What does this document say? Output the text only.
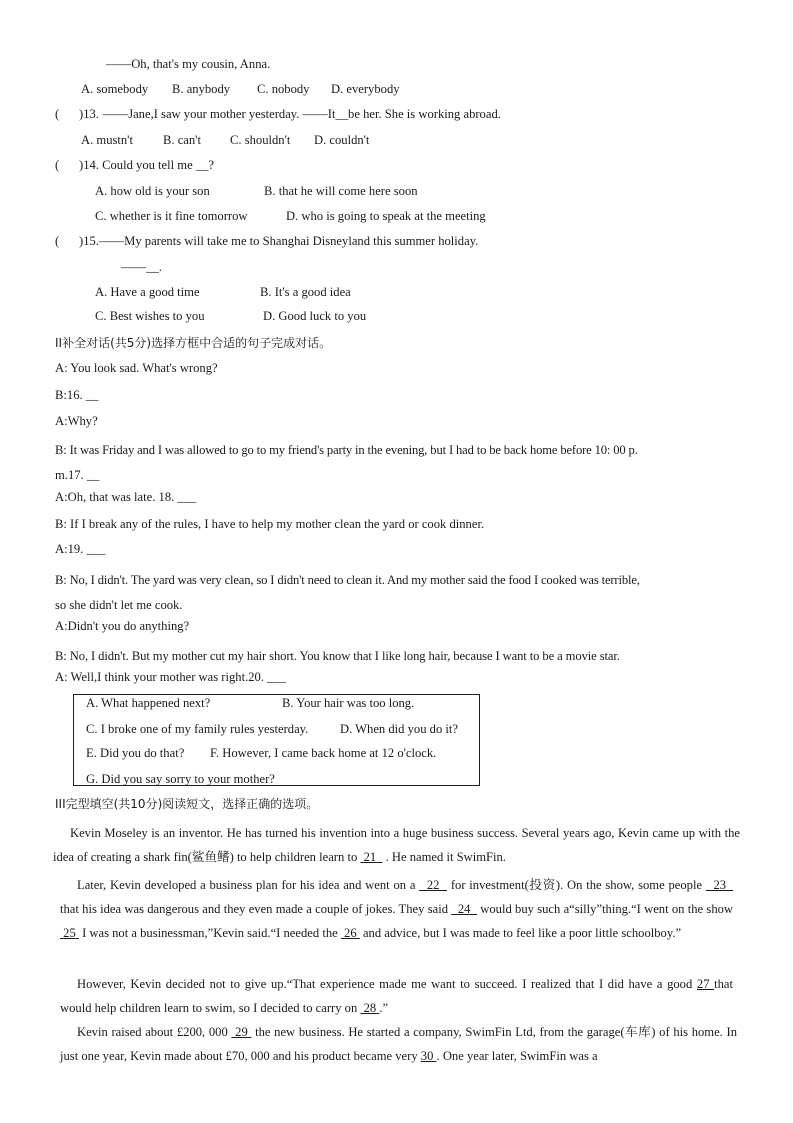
——Oh, that's my cousin, Anna.
A. somebody B. anybody C. nobody D. everybody
( )13. ——Jane,I saw your mother yesterday. ——It__be her. She is working abroad.
A. mustn't B. can't C. shouldn't D. couldn't
( )14. Could you tell me __?
A. how old is your son	B. that he will come here soon
C. whether is it fine tomorrow	D. who is going to speak at the meeting
( )15.——My parents will take me to Shanghai Disneyland this summer holiday.
——__.
A. Have a good time	B. It's a good idea
C. Best wishes to you	D. Good luck to you
II补全对话(共5分)选择方框中合适的句子完成对话。
A: You look sad. What's wrong?
B:16. __
A:Why?
B: It was Friday and I was allowed to go to my friend's party in the evening, but I had to be back home before 10: 00 p.
m.17. __
A:Oh, that was late. 18. ___
B: If I break any of the rules, I have to help my mother clean the yard or cook dinner.
A:19. ___
B: No, I didn't. The yard was very clean, so I didn't need to clean it. And my mother said the food I cooked was terrible,
so she didn't let me cook.
A:Didn't you do anything?
B: No, I didn't. But my mother cut my hair short. You know that I like long hair, because I want to be a movie star.
A: Well,I think your mother was right.20. ___
A. What happened next?	B. Your hair was too long.
C. I broke one of my family rules yesterday.	D. When did you do it?
E. Did you do that? F. However, I came back home at 12 o'clock.
G. Did you say sorry to your mother?
III完型填空(共10分)阅读短文，选择正确的选项。

Kevin Moseley is an inventor. He has turned his invention into a huge business success. Several years ago, Kevin came up with the idea of creating a shark fin(鲨鱼鳍) to help children learn to 21 . He named it SwimFin.

Later, Kevin developed a business plan for his idea and went on a 22 for investment(投资). On the show, some people 23   that his idea was dangerous and they even made a couple of jokes. They said 24 would buy such a“silly”thing.“I went on the show  25 I was not a businessman,”Kevin said.“I needed the 26 and advice, but I was made to feel like a poor little schoolboy.”

However, Kevin decided not to give up.“That experience made me want to succeed. I realized that I did have a good 27 that would help children learn to swim, so I decided to carry on 28 .”

Kevin raised about £200, 000 29 the new business. He started a company, SwimFin Ltd, from the garage(车库) of his home. In just one year, Kevin made about £70, 000 and his product became very 30 . One year later, SwimFin was a
